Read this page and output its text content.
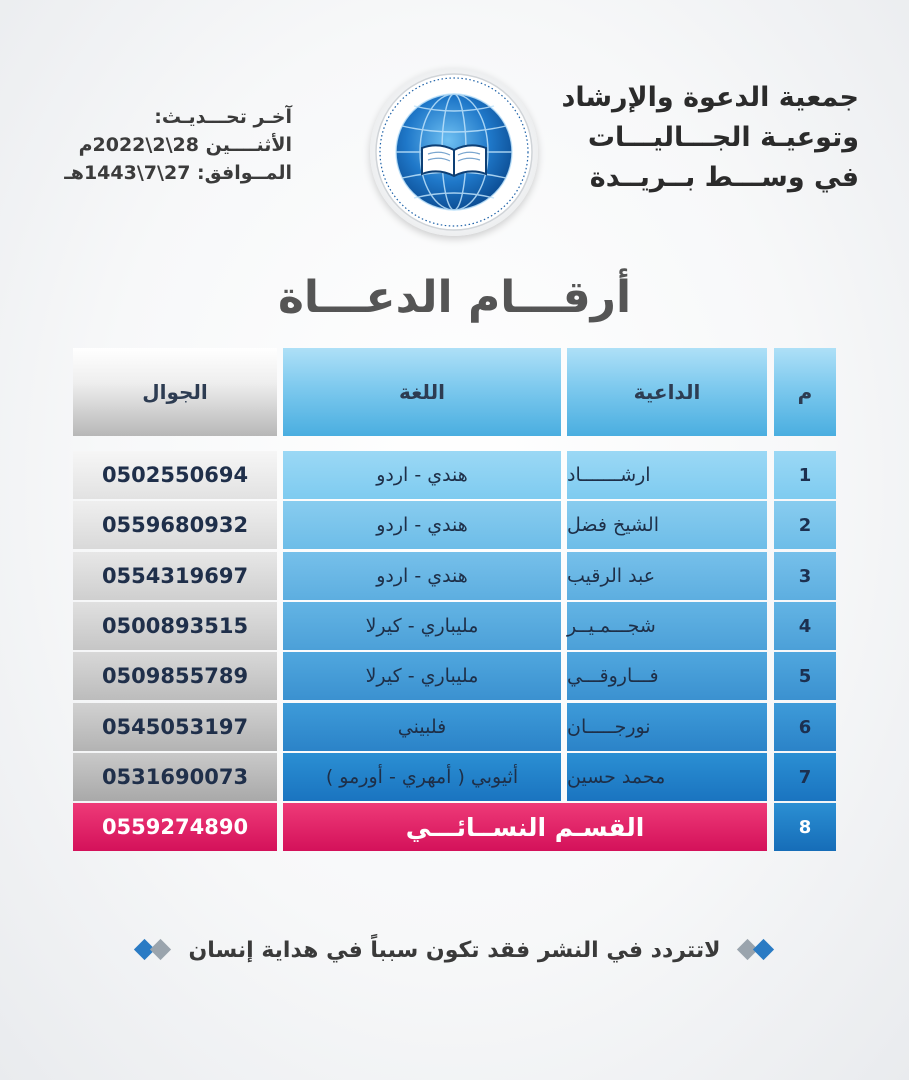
جمعية الدعوة والإرشاد
وتوعيـة الجـــاليـــات
في وســـط بــريــدة
آخـر تحـــديـث:
الأثنــــين 28\2\2022م
المــوافق: 27\7\1443هـ
أرقـــام الدعـــاة
م
الداعية
اللغة
الجوال
1
ارشـــــــاد
هندي - اردو
0502550694
2
الشيخ فضل
هندي - اردو
0559680932
3
عبد الرقيب
هندي - اردو
0554319697
4
شجـــمـيــر
مليباري - كيرلا
0500893515
5
فـــاروقـــي
مليباري - كيرلا
0509855789
6
نورجـــــان
فلبيني
0545053197
7
محمد حسين
أثيوبي ( أمهري - أورمو )
0531690073
8
القسـم النســائـــي
0559274890
لاتتردد في النشر فقد تكون سبباً في هداية إنسان
